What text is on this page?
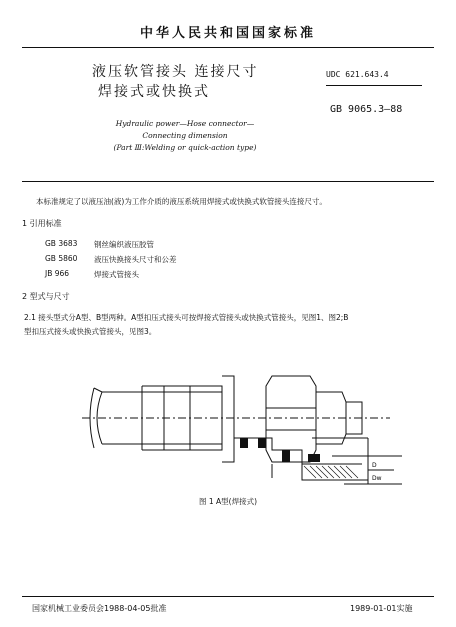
中华人民共和国国家标准
液压软管接头 连接尺寸
焊接式或快换式
UDC 621.643.4
GB 9065.3—88
Hydraulic power—Hose connector—
Connecting dimension
(Part Ⅲ:Welding or quick-action type)
本标准规定了以液压油(液)为工作介质的液压系统用焊接式或快换式软管接头连接尺寸。
1 引用标准
GB 3683 钢丝编织液压胶管
GB 5860 液压快换接头尺寸和公差
JB 966	焊接式管接头
2 型式与尺寸
2.1 接头型式分A型、B型两种。A型扣压式接头可按焊接式管接头或快换式管接头，见图1、图2;B
型扣压式接头或快换式管接头，见图3。
D
Dw
图 1 A型(焊接式)
国家机械工业委员会1988-04-05批准	1989-01-01实施
